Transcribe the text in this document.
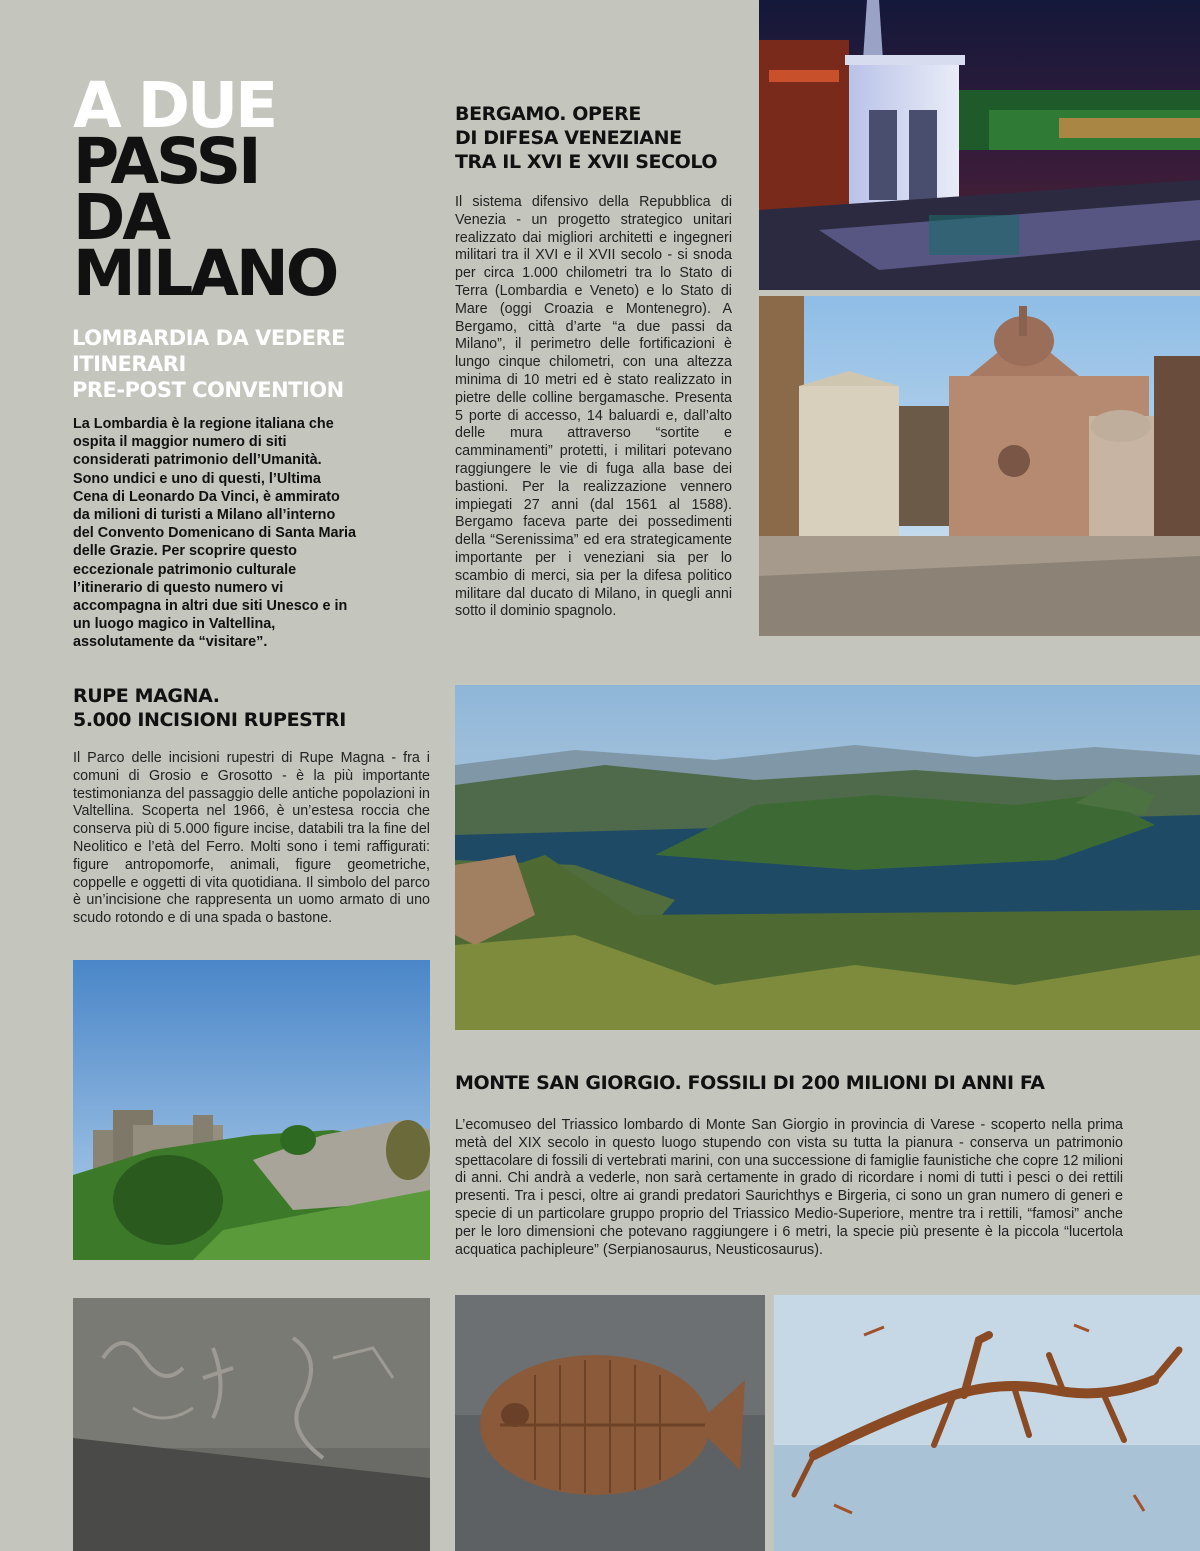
A DUE
PASSI
DA
MILANO
LOMBARDIA DA VEDERE
ITINERARI
PRE-POST CONVENTION

La Lombardia è la regione italiana che ospita il maggior numero di siti considerati patrimonio dell’Umanità. Sono undici e uno di questi, l’Ultima Cena di Leonardo Da Vinci, è ammirato da milioni di turisti a Milano all’interno del Convento Domenicano di Santa Maria delle Grazie. Per scoprire questo eccezionale patrimonio culturale l’itinerario di questo numero vi accompagna in altri due siti Unesco e in un luogo magico in Valtellina, assolutamente da “visitare”.

BERGAMO. OPERE
DI DIFESA VENEZIANE
TRA IL XVI E XVII SECOLO

Il sistema difensivo della Repubblica di Venezia - un progetto strategico unitari realizzato dai migliori architetti e ingegneri militari tra il XVI e il XVII secolo - si snoda per circa 1.000 chilometri tra lo Stato di Terra (Lombardia e Veneto) e lo Stato di Mare (oggi Croazia e Montenegro). A Bergamo, città d’arte “a due passi da Milano”, il perimetro delle fortificazioni è lungo cinque chilometri, con una altezza minima di 10 metri ed è stato realizzato in pietre delle colline bergamasche. Presenta 5 porte di accesso, 14 baluardi e, dall’alto delle mura attraverso “sortite e camminamenti” protetti, i militari potevano raggiungere le vie di fuga alla base dei bastioni. Per la realizzazione vennero impiegati 27 anni (dal 1561 al 1588). Bergamo faceva parte dei possedimenti della “Serenissima” ed era strategicamente importante per i veneziani sia per lo scambio di merci, sia per la difesa politico militare dal ducato di Milano, in quegli anni sotto il dominio spagnolo.

RUPE MAGNA.
5.000 INCISIONI RUPESTRI

Il Parco delle incisioni rupestri di Rupe Magna - fra i comuni di Grosio e Grosotto - è la più importante testimonianza del passaggio delle antiche popolazioni in Valtellina. Scoperta nel 1966, è un’estesa roccia che conserva più di 5.000 figure incise, databili tra la fine del Neolitico e l’età del Ferro. Molti sono i temi raffigurati: figure antropomorfe, animali, figure geometriche, coppelle e oggetti di vita quotidiana. Il simbolo del parco è un’incisione che rappresenta un uomo armato di uno scudo rotondo e di una spada o bastone.

MONTE SAN GIORGIO. FOSSILI DI 200 MILIONI DI ANNI FA

L’ecomuseo del Triassico lombardo di Monte San Giorgio in provincia di Varese - scoperto nella prima metà del XIX secolo in questo luogo stupendo con vista su tutta la pianura - conserva un patrimonio spettacolare di fossili di vertebrati marini, con una successione di famiglie faunistiche che copre 12 milioni di anni. Chi andrà a vederle, non sarà certamente in grado di ricordare i nomi di tutti i pesci o dei rettili presenti. Tra i pesci, oltre ai grandi predatori Saurichthys e Birgeria, ci sono un gran numero di generi e specie di un particolare gruppo proprio del Triassico Medio-Superiore, mentre tra i rettili, “famosi” anche per le loro dimensioni che potevano raggiungere i 6 metri, la specie più presente è la piccola “lucertola acquatica pachipleure” (Serpianosaurus, Neusticosaurus).
